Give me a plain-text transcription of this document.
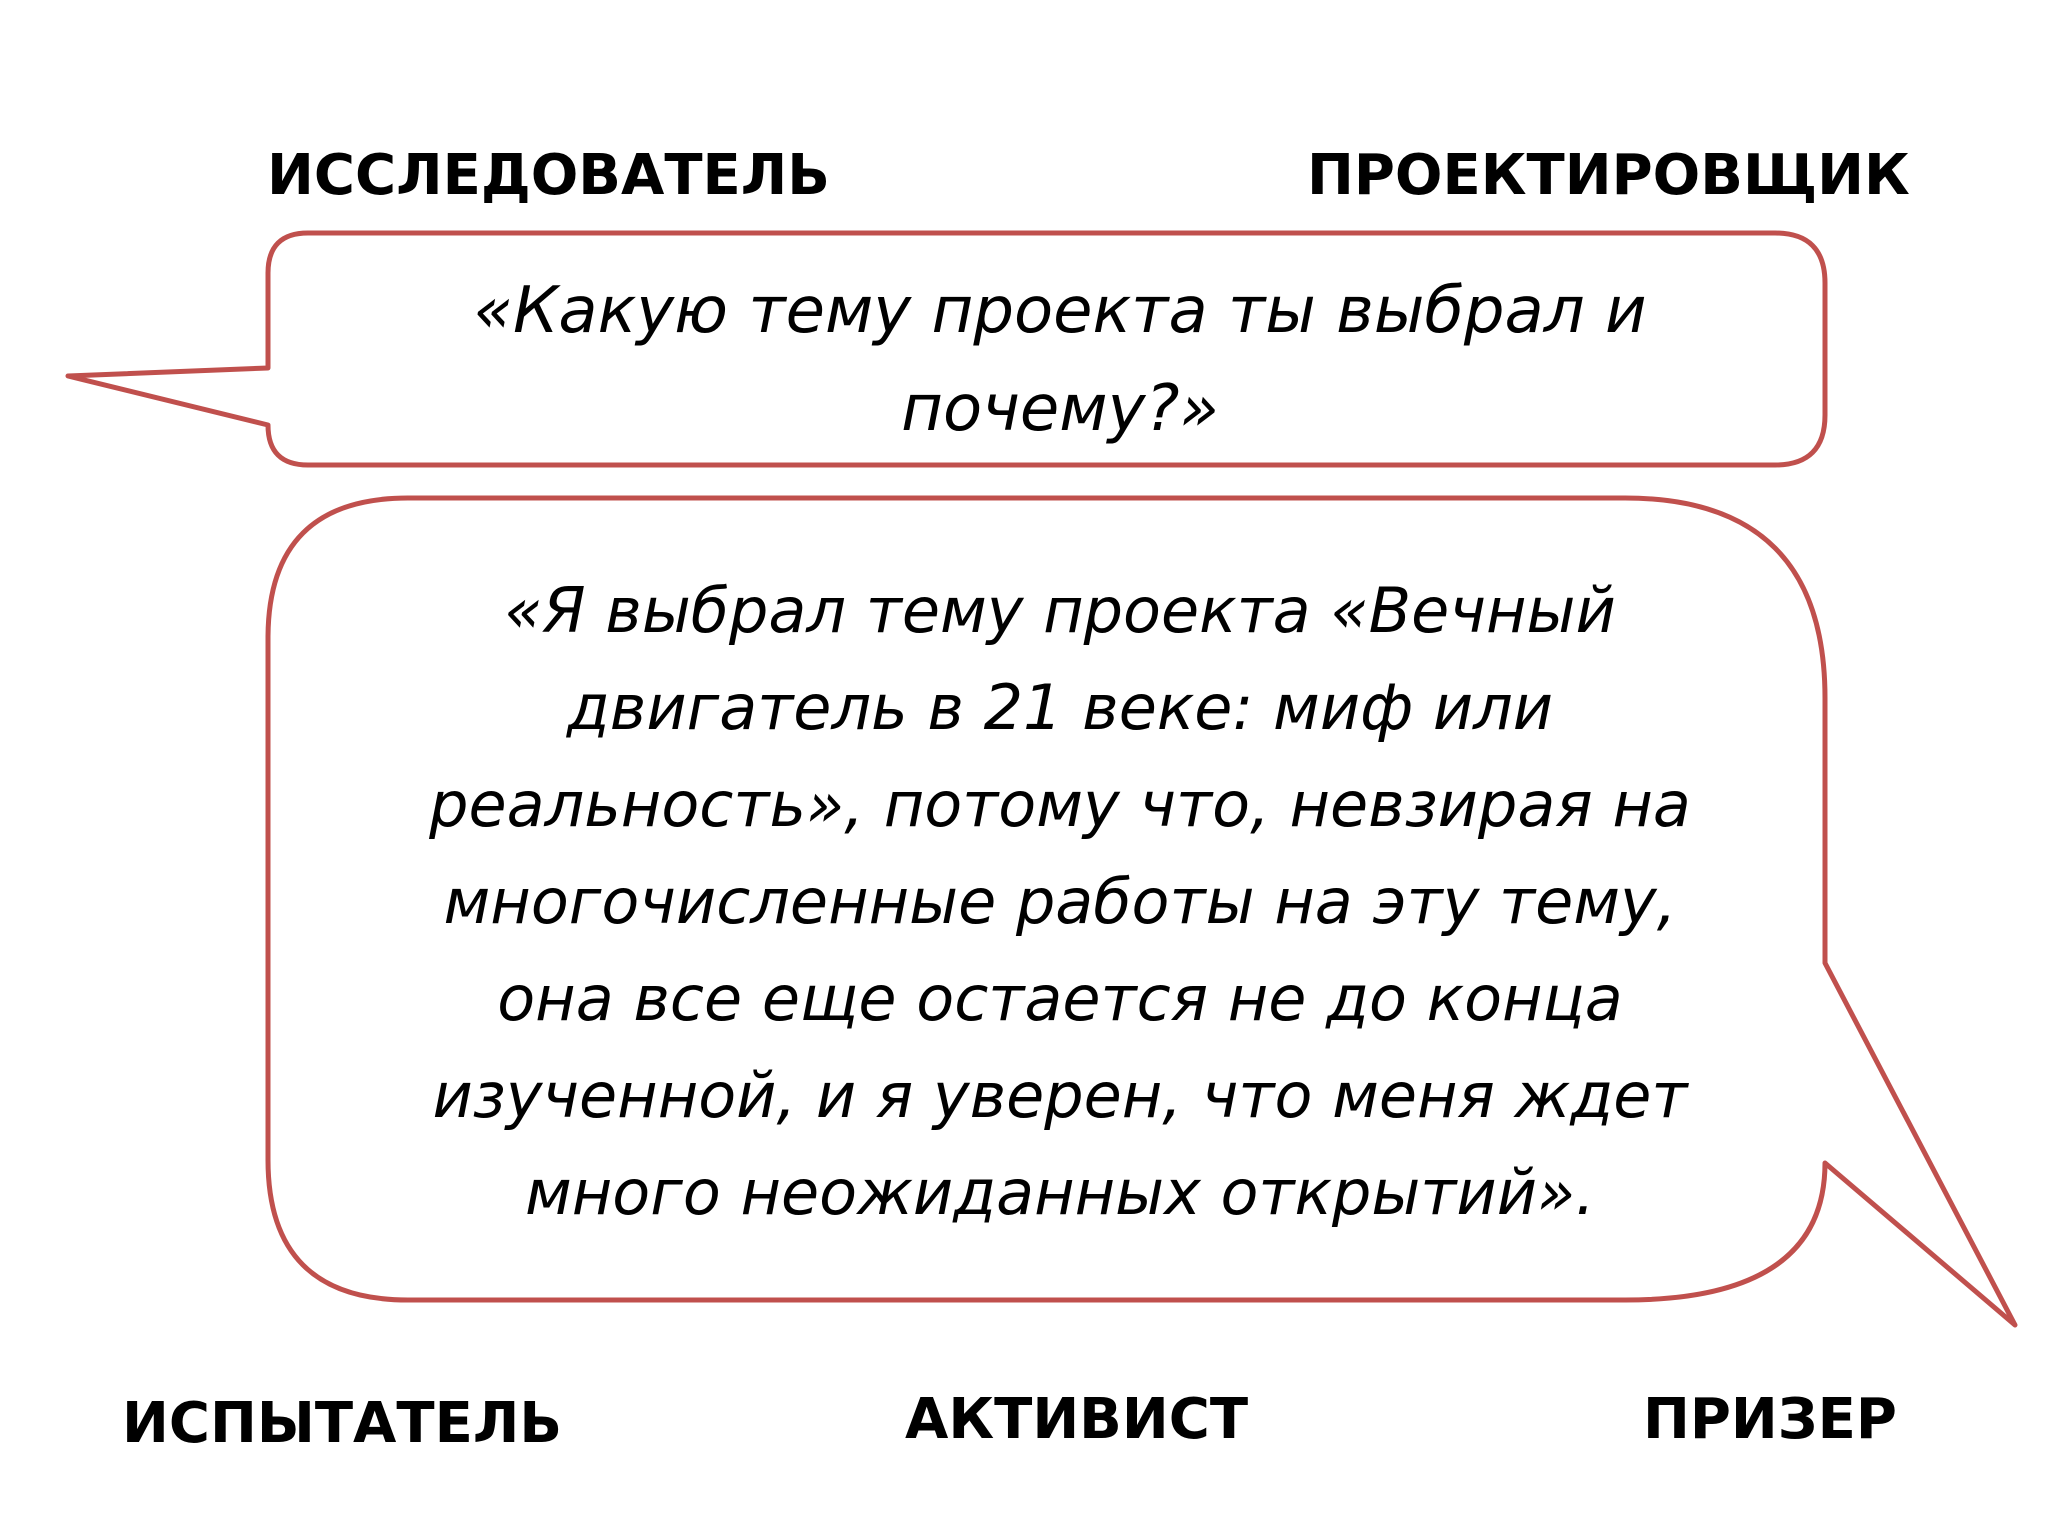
ИССЛЕДОВАТЕЛЬ	ПРОЕКТИРОВЩИК

«Какую тему проекта ты выбрал и
почему?»

«Я выбрал тему проекта «Вечный
двигатель в 21 веке: миф или
реальность», потому что, невзирая на
многочисленные работы на эту тему,
она все еще остается не до конца
изученной, и я уверен, что меня ждет
много неожиданных открытий».

ИСПЫТАТЕЛЬ	АКТИВИСТ	ПРИЗЕР
